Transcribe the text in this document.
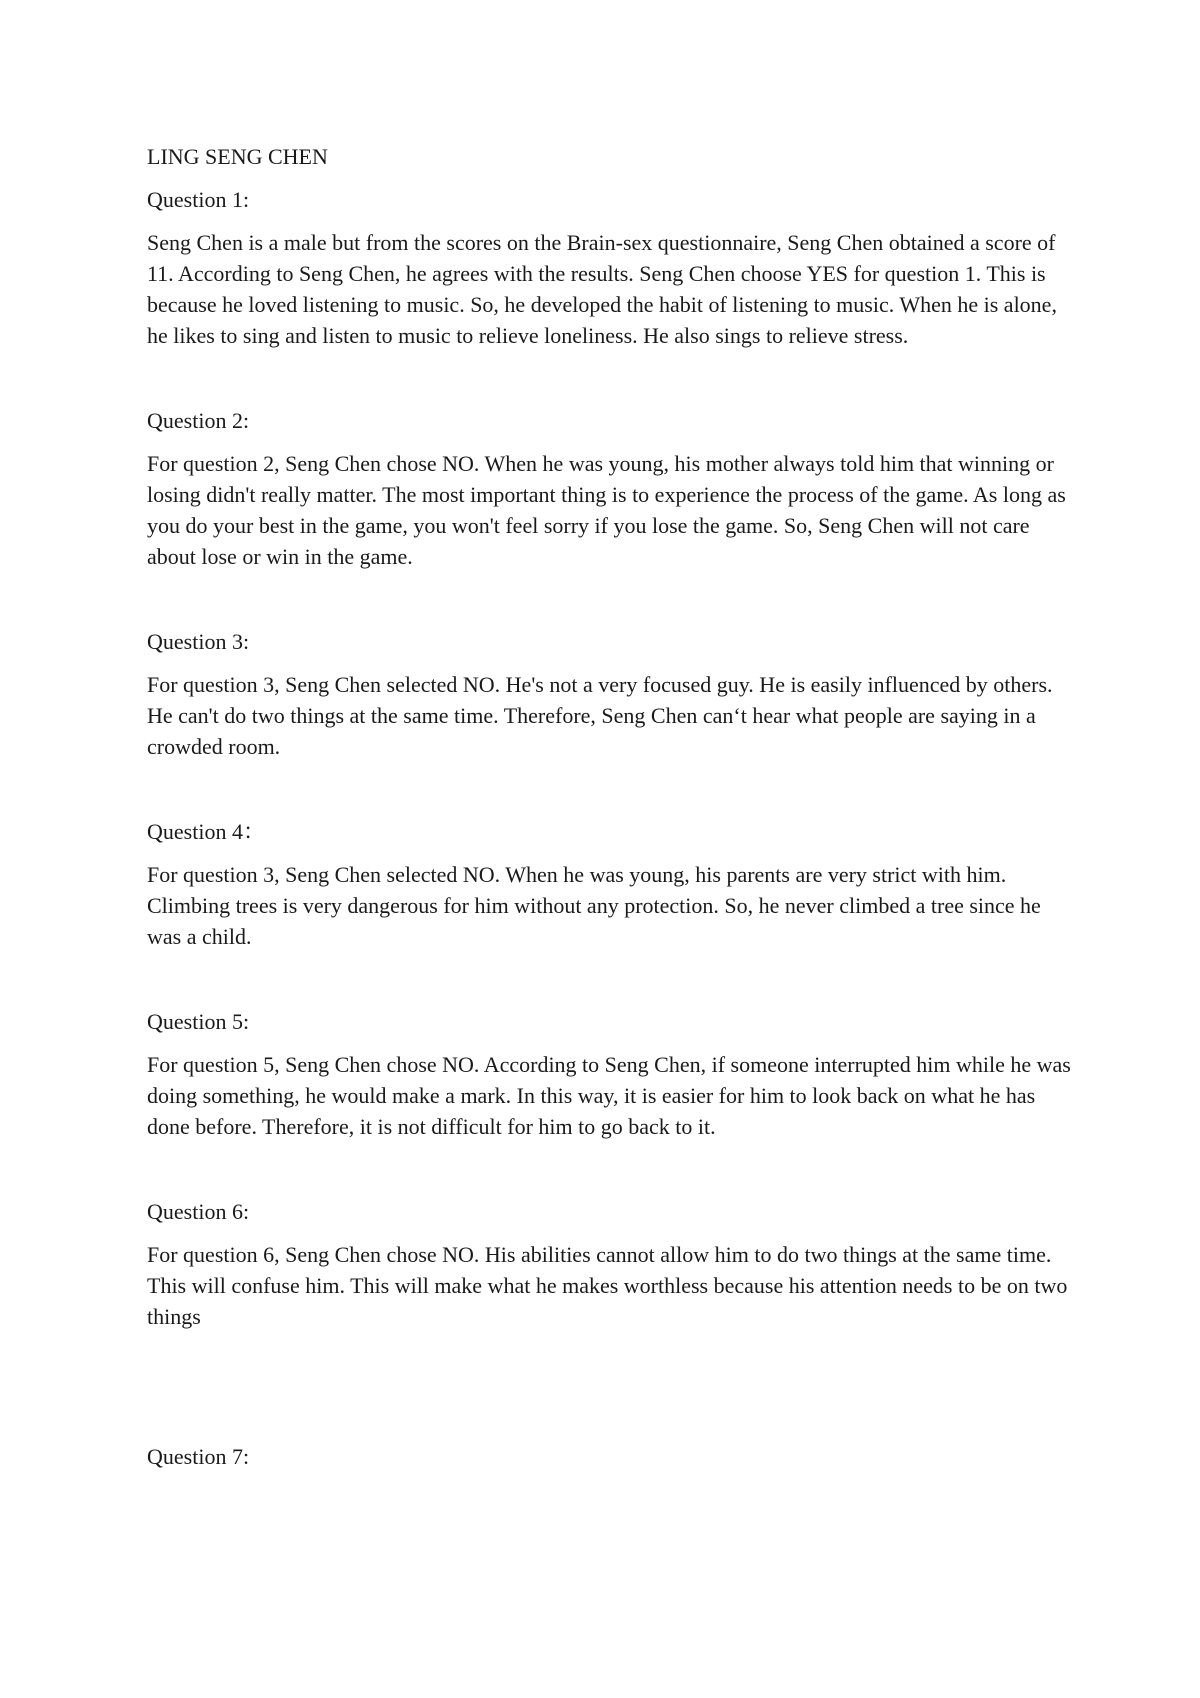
LING SENG CHEN

Question 1:

Seng Chen is a male but from the scores on the Brain-sex questionnaire, Seng Chen obtained a score of 11. According to Seng Chen, he agrees with the results. Seng Chen choose YES for question 1. This is because he loved listening to music. So, he developed the habit of listening to music. When he is alone, he likes to sing and listen to music to relieve loneliness. He also sings to relieve stress.

Question 2:

For question 2, Seng Chen chose NO. When he was young, his mother always told him that winning or losing didn't really matter. The most important thing is to experience the process of the game. As long as you do your best in the game, you won't feel sorry if you lose the game. So, Seng Chen will not care about lose or win in the game.

Question 3:

For question 3, Seng Chen selected NO. He's not a very focused guy. He is easily influenced by others. He can't do two things at the same time. Therefore, Seng Chen can‘t hear what people are saying in a crowded room.

Question 4：

For question 3, Seng Chen selected NO. When he was young, his parents are very strict with him. Climbing trees is very dangerous for him without any protection. So, he never climbed a tree since he was a child.

Question 5:

For question 5, Seng Chen chose NO. According to Seng Chen, if someone interrupted him while he was doing something, he would make a mark. In this way, it is easier for him to look back on what he has done before. Therefore, it is not difficult for him to go back to it.

Question 6:

For question 6, Seng Chen chose NO. His abilities cannot allow him to do two things at the same time. This will confuse him. This will make what he makes worthless because his attention needs to be on two things

Question 7:
